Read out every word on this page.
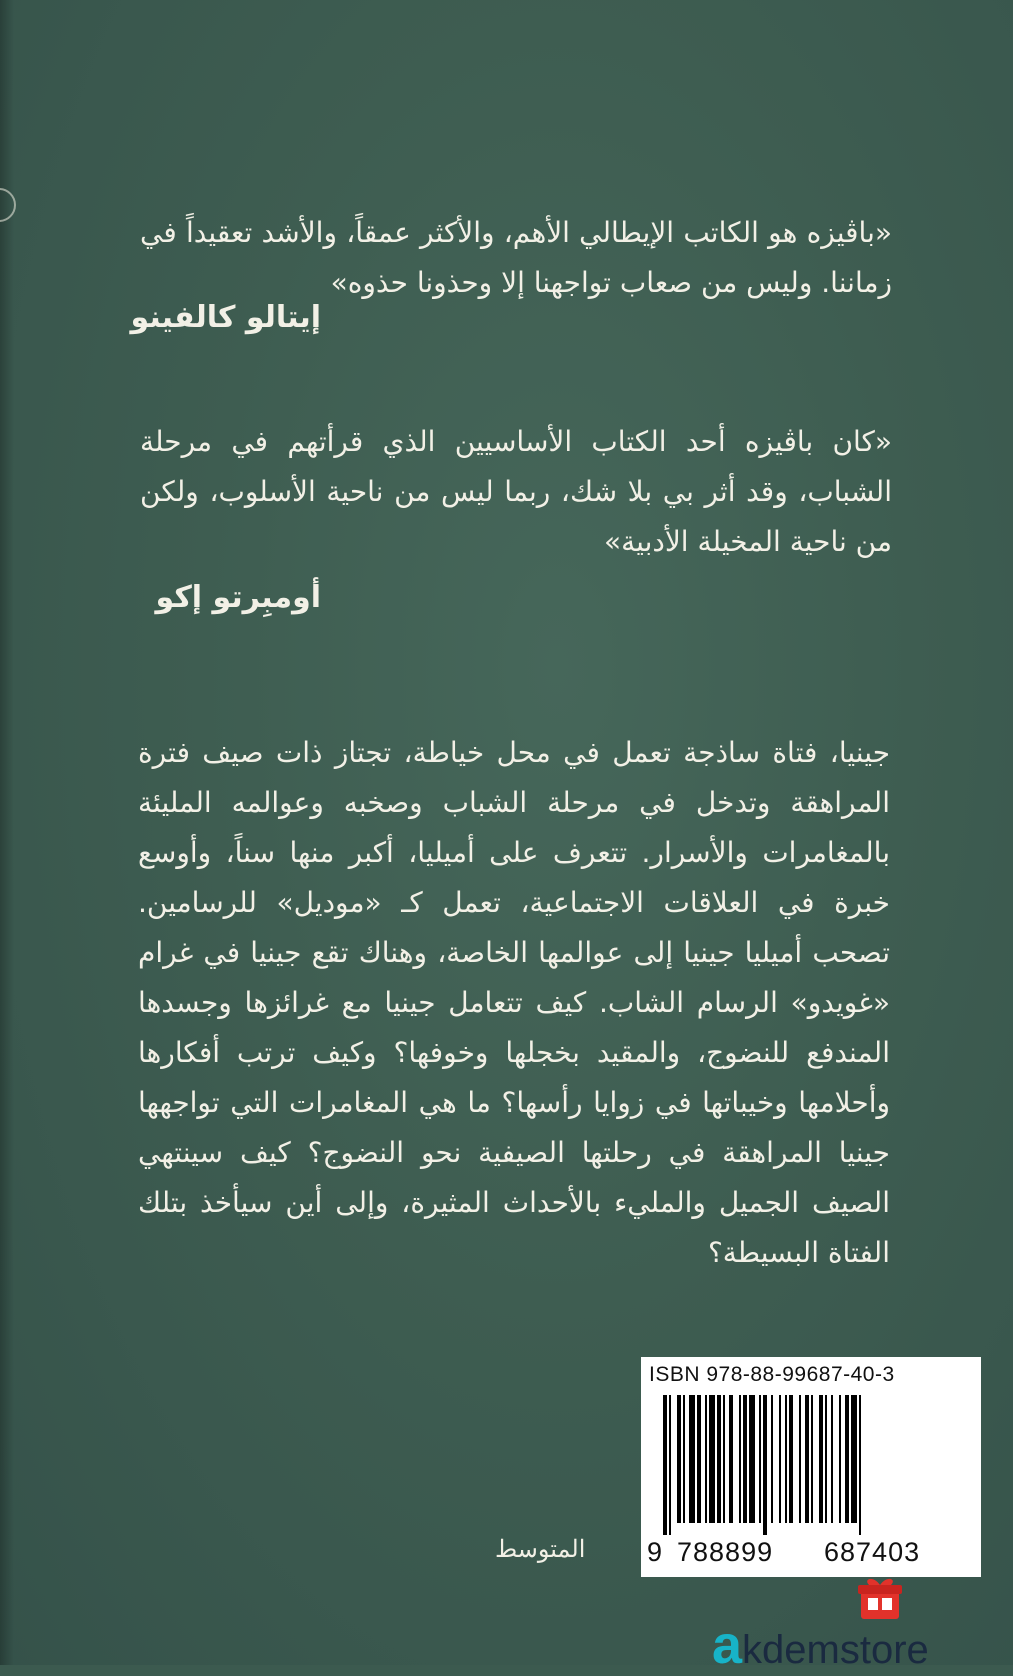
«باڤيزه هو الكاتب الإيطالي الأهم، والأكثر عمقاً، والأشد تعقيداً في زماننا. وليس من صعاب تواجهنا إلا وحذونا حذوه»

إيتالو كالفينو

«كان باڤيزه أحد الكتاب الأساسيين الذي قرأتهم في مرحلة الشباب، وقد أثر بي بلا شك، ربما ليس من ناحية الأسلوب، ولكن من ناحية المخيلة الأدبية»

أومبِرتو إكو

جينيا، فتاة ساذجة تعمل في محل خياطة، تجتاز ذات صيف فترة المراهقة وتدخل في مرحلة الشباب وصخبه وعوالمه المليئة بالمغامرات والأسرار. تتعرف على أميليا، أكبر منها سناً، وأوسع خبرة في العلاقات الاجتماعية، تعمل كـ «موديل» للرسامين. تصحب أميليا جينيا إلى عوالمها الخاصة، وهناك تقع جينيا في غرام «غويدو» الرسام الشاب. كيف تتعامل جينيا مع غرائزها وجسدها المندفع للنضوج، والمقيد بخجلها وخوفها؟ وكيف ترتب أفكارها وأحلامها وخيباتها في زوايا رأسها؟ ما هي المغامرات التي تواجهها جينيا المراهقة في رحلتها الصيفية نحو النضوج؟ كيف سينتهي الصيف الجميل والمليء بالأحداث المثيرة، وإلى أين سيأخذ بتلك الفتاة البسيطة؟

ISBN 978-88-99687-40-3
9 788899 687403
المتوسط
akdemstore
